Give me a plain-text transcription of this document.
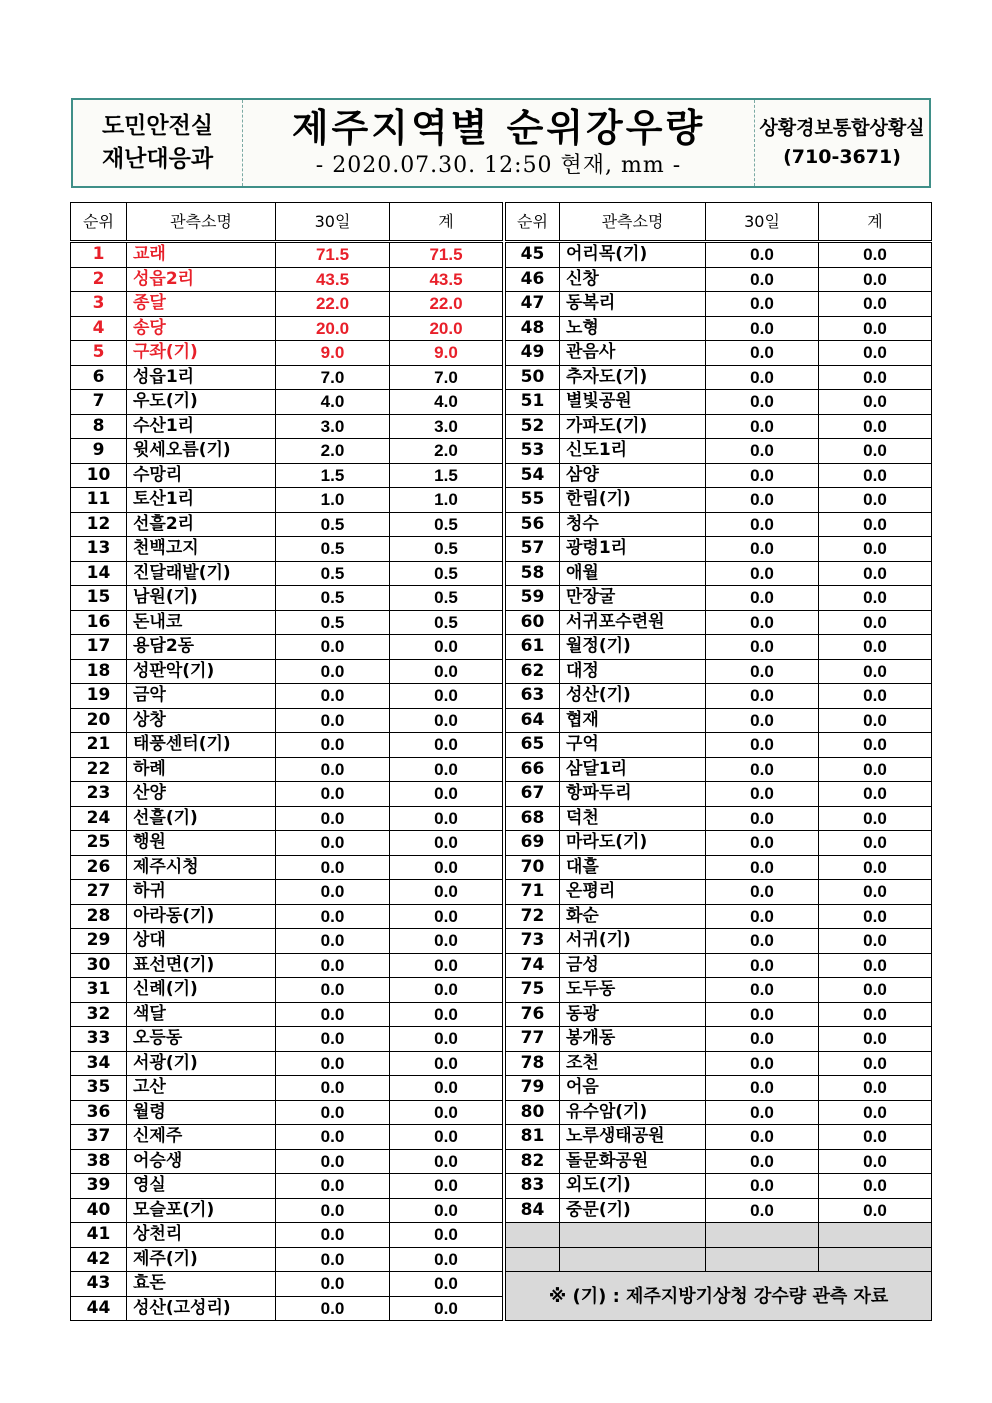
도민안전실
재난대응과
제주지역별 순위강우량
- 2020.07.30. 12:50 현재, mm -
상황경보통합상황실
(710-3671)
순위	관측소명	30일	계
1	교래	71.5	71.5
2	성읍2리	43.5	43.5
3	종달	22.0	22.0
4	송당	20.0	20.0
5	구좌(기)	9.0	9.0
6	성읍1리	7.0	7.0
7	우도(기)	4.0	4.0
8	수산1리	3.0	3.0
9	윗세오름(기)	2.0	2.0
10	수망리	1.5	1.5
11	토산1리	1.0	1.0
12	선흘2리	0.5	0.5
13	천백고지	0.5	0.5
14	진달래밭(기)	0.5	0.5
15	남원(기)	0.5	0.5
16	돈내코	0.5	0.5
17	용담2동	0.0	0.0
18	성판악(기)	0.0	0.0
19	금악	0.0	0.0
20	상창	0.0	0.0
21	태풍센터(기)	0.0	0.0
22	하례	0.0	0.0
23	산양	0.0	0.0
24	선흘(기)	0.0	0.0
25	행원	0.0	0.0
26	제주시청	0.0	0.0
27	하귀	0.0	0.0
28	아라동(기)	0.0	0.0
29	상대	0.0	0.0
30	표선면(기)	0.0	0.0
31	신례(기)	0.0	0.0
32	색달	0.0	0.0
33	오등동	0.0	0.0
34	서광(기)	0.0	0.0
35	고산	0.0	0.0
36	월령	0.0	0.0
37	신제주	0.0	0.0
38	어승생	0.0	0.0
39	영실	0.0	0.0
40	모슬포(기)	0.0	0.0
41	상천리	0.0	0.0
42	제주(기)	0.0	0.0
43	효돈	0.0	0.0
44	성산(고성리)	0.0	0.0
순위	관측소명	30일	계
45	어리목(기)	0.0	0.0
46	신창	0.0	0.0
47	동복리	0.0	0.0
48	노형	0.0	0.0
49	관음사	0.0	0.0
50	추자도(기)	0.0	0.0
51	별빛공원	0.0	0.0
52	가파도(기)	0.0	0.0
53	신도1리	0.0	0.0
54	삼양	0.0	0.0
55	한림(기)	0.0	0.0
56	청수	0.0	0.0
57	광령1리	0.0	0.0
58	애월	0.0	0.0
59	만장굴	0.0	0.0
60	서귀포수련원	0.0	0.0
61	월정(기)	0.0	0.0
62	대정	0.0	0.0
63	성산(기)	0.0	0.0
64	협재	0.0	0.0
65	구억	0.0	0.0
66	삼달1리	0.0	0.0
67	항파두리	0.0	0.0
68	덕천	0.0	0.0
69	마라도(기)	0.0	0.0
70	대흘	0.0	0.0
71	온평리	0.0	0.0
72	화순	0.0	0.0
73	서귀(기)	0.0	0.0
74	금성	0.0	0.0
75	도두동	0.0	0.0
76	동광	0.0	0.0
77	봉개동	0.0	0.0
78	조천	0.0	0.0
79	어음	0.0	0.0
80	유수암(기)	0.0	0.0
81	노루생태공원	0.0	0.0
82	돌문화공원	0.0	0.0
83	외도(기)	0.0	0.0
84	중문(기)	0.0	0.0

※ (기) : 제주지방기상청 강수량 관측 자료			
